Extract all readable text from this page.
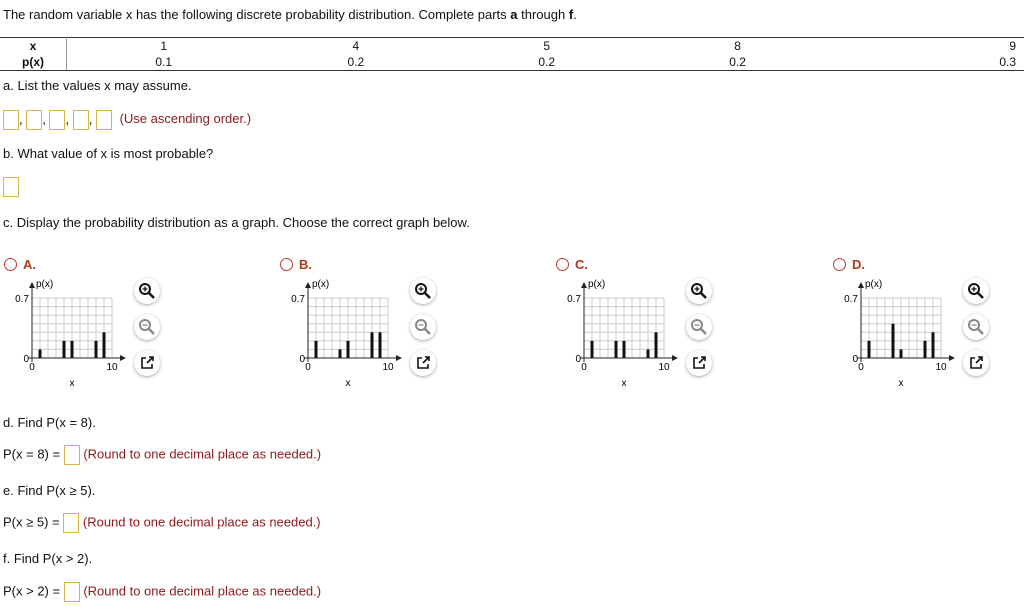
The random variable x has the following discrete probability distribution. Complete parts a through f.
x	1	4	5	8	9
p(x)	0.1	0.2	0.2	0.2	0.3
a. List the values x may assume.
, , , ,  (Use ascending order.)
b. What value of x is most probable?
c. Display the probability distribution as a graph. Choose the correct graph below.
A.
p(x)
0.7
0
0	10
x
B.
p(x)
0.7
0
0	10
x
C.
p(x)
0.7
0
0	10
x
D.
p(x)
0.7
0
0	10
x
d. Find P(x = 8).
P(x = 8) = (Round to one decimal place as needed.)
e. Find P(x ≥ 5).
P(x ≥ 5) = (Round to one decimal place as needed.)
f. Find P(x > 2).
P(x > 2) = (Round to one decimal place as needed.)
